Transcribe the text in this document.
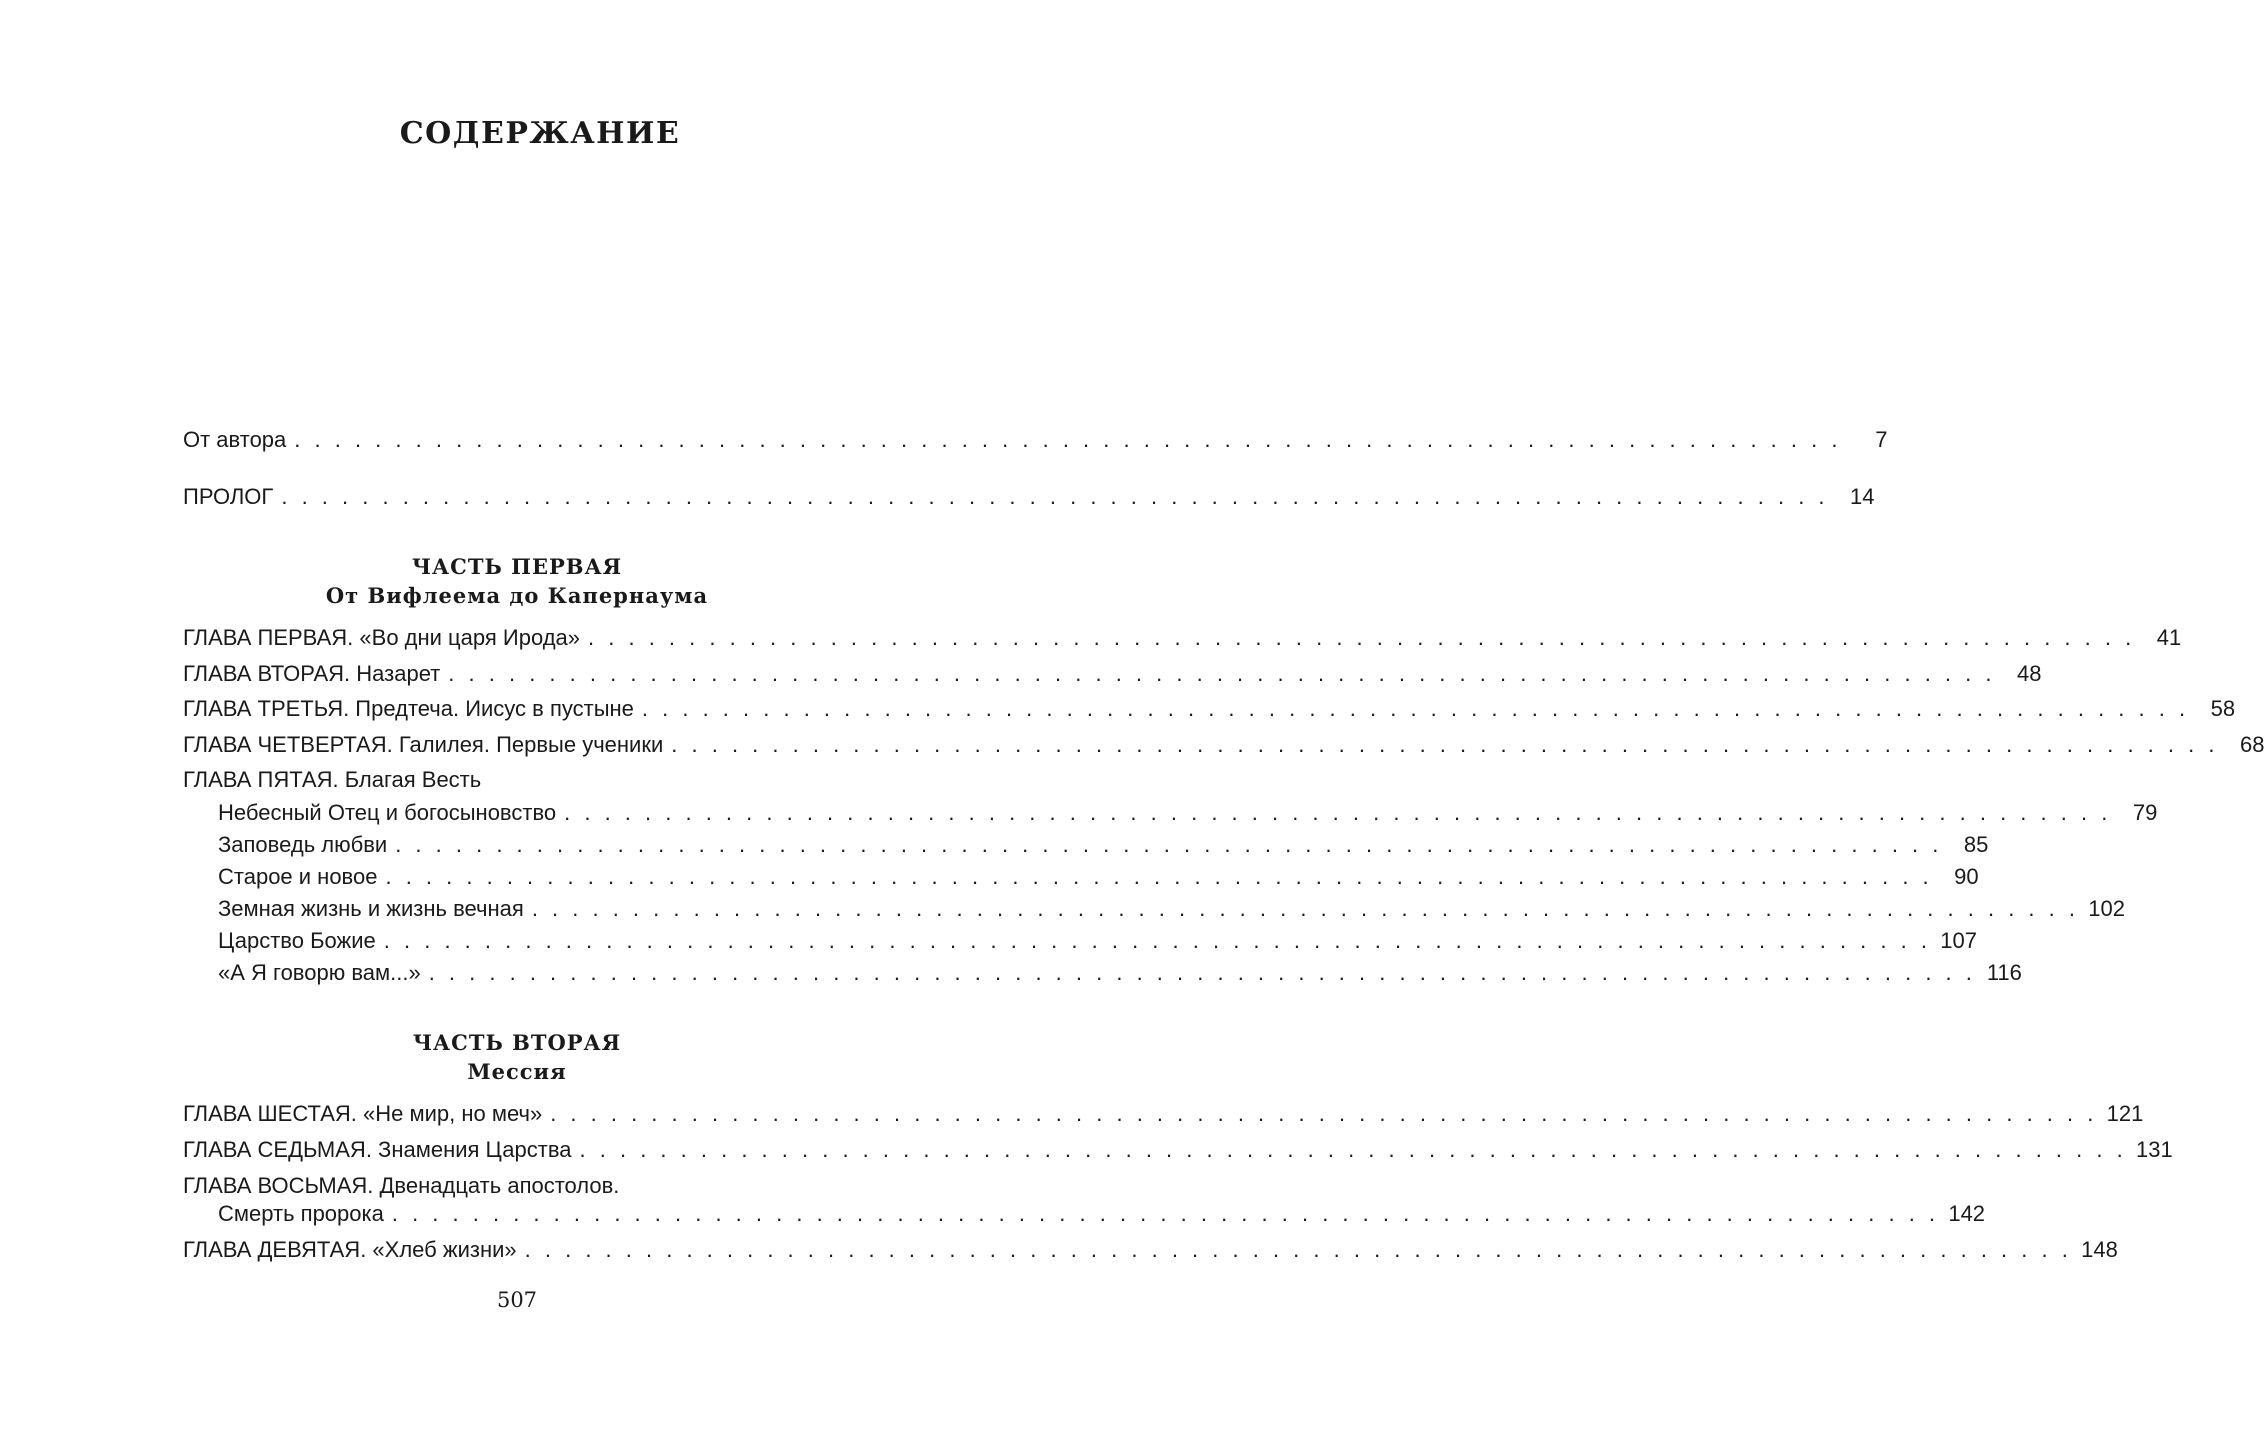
СОДЕРЖАНИЕ
От автора . . . . . . . . . . . . . . . . . . . . . . . . . . . . . . . . . . . . . . . . . . . . . . . . . . . . . . . . . . . . . . . . . . . . . . . . . . . . .	7
ПРОЛОГ . . . . . . . . . . . . . . . . . . . . . . . . . . . . . . . . . . . . . . . . . . . . . . . . . . . . . . . . . . . . . . . . . . . . . . . . . . . . . 14
ЧАСТЬ ПЕРВАЯ
От Вифлеема до Капернаума
ГЛАВА ПЕРВАЯ. «Во дни царя Ирода» . . . . . . . . . . . . . . . . . . . . . . . . . . . . . . . . . . . . . . . . . . . . . . . . . . . . . . . . . . . . . . . . . . . . . . . . . . . . . 41
ГЛАВА ВТОРАЯ. Назарет . . . . . . . . . . . . . . . . . . . . . . . . . . . . . . . . . . . . . . . . . . . . . . . . . . . . . . . . . . . . . . . . . . . . . . . . . . . . . 48
ГЛАВА ТРЕТЬЯ. Предтеча. Иисус в пустыне . . . . . . . . . . . . . . . . . . . . . . . . . . . . . . . . . . . . . . . . . . . . . . . . . . . . . . . . . . . . . . . . . . . . . . . . . . . . . 58
ГЛАВА ЧЕТВЕРТАЯ. Галилея. Первые ученики . . . . . . . . . . . . . . . . . . . . . . . . . . . . . . . . . . . . . . . . . . . . . . . . . . . . . . . . . . . . . . . . . . . . . . . . . . . . . 68
ГЛАВА ПЯТАЯ. Благая Весть
Небесный Отец и богосыновство . . . . . . . . . . . . . . . . . . . . . . . . . . . . . . . . . . . . . . . . . . . . . . . . . . . . . . . . . . . . . . . . . . . . . . . . . . . . . 79
Заповедь любви . . . . . . . . . . . . . . . . . . . . . . . . . . . . . . . . . . . . . . . . . . . . . . . . . . . . . . . . . . . . . . . . . . . . . . . . . . . . . 85
Старое и новое . . . . . . . . . . . . . . . . . . . . . . . . . . . . . . . . . . . . . . . . . . . . . . . . . . . . . . . . . . . . . . . . . . . . . . . . . . . . . 90
Земная жизнь и жизнь вечная . . . . . . . . . . . . . . . . . . . . . . . . . . . . . . . . . . . . . . . . . . . . . . . . . . . . . . . . . . . . . . . . . . . . . . . . . . . . . 102
Царство Божие . . . . . . . . . . . . . . . . . . . . . . . . . . . . . . . . . . . . . . . . . . . . . . . . . . . . . . . . . . . . . . . . . . . . . . . . . . . . . 107
«А Я говорю вам...» . . . . . . . . . . . . . . . . . . . . . . . . . . . . . . . . . . . . . . . . . . . . . . . . . . . . . . . . . . . . . . . . . . . . . . . . . . . . . 116
ЧАСТЬ ВТОРАЯ
Мессия
ГЛАВА ШЕСТАЯ. «Не мир, но меч» . . . . . . . . . . . . . . . . . . . . . . . . . . . . . . . . . . . . . . . . . . . . . . . . . . . . . . . . . . . . . . . . . . . . . . . . . . . . . 121
ГЛАВА СЕДЬМАЯ. Знамения Царства . . . . . . . . . . . . . . . . . . . . . . . . . . . . . . . . . . . . . . . . . . . . . . . . . . . . . . . . . . . . . . . . . . . . . . . . . . . . . 131
ГЛАВА ВОСЬМАЯ. Двенадцать апостолов.
Смерть пророка . . . . . . . . . . . . . . . . . . . . . . . . . . . . . . . . . . . . . . . . . . . . . . . . . . . . . . . . . . . . . . . . . . . . . . . . . . . . . 142
ГЛАВА ДЕВЯТАЯ. «Хлеб жизни» . . . . . . . . . . . . . . . . . . . . . . . . . . . . . . . . . . . . . . . . . . . . . . . . . . . . . . . . . . . . . . . . . . . . . . . . . . . . . 148
507
